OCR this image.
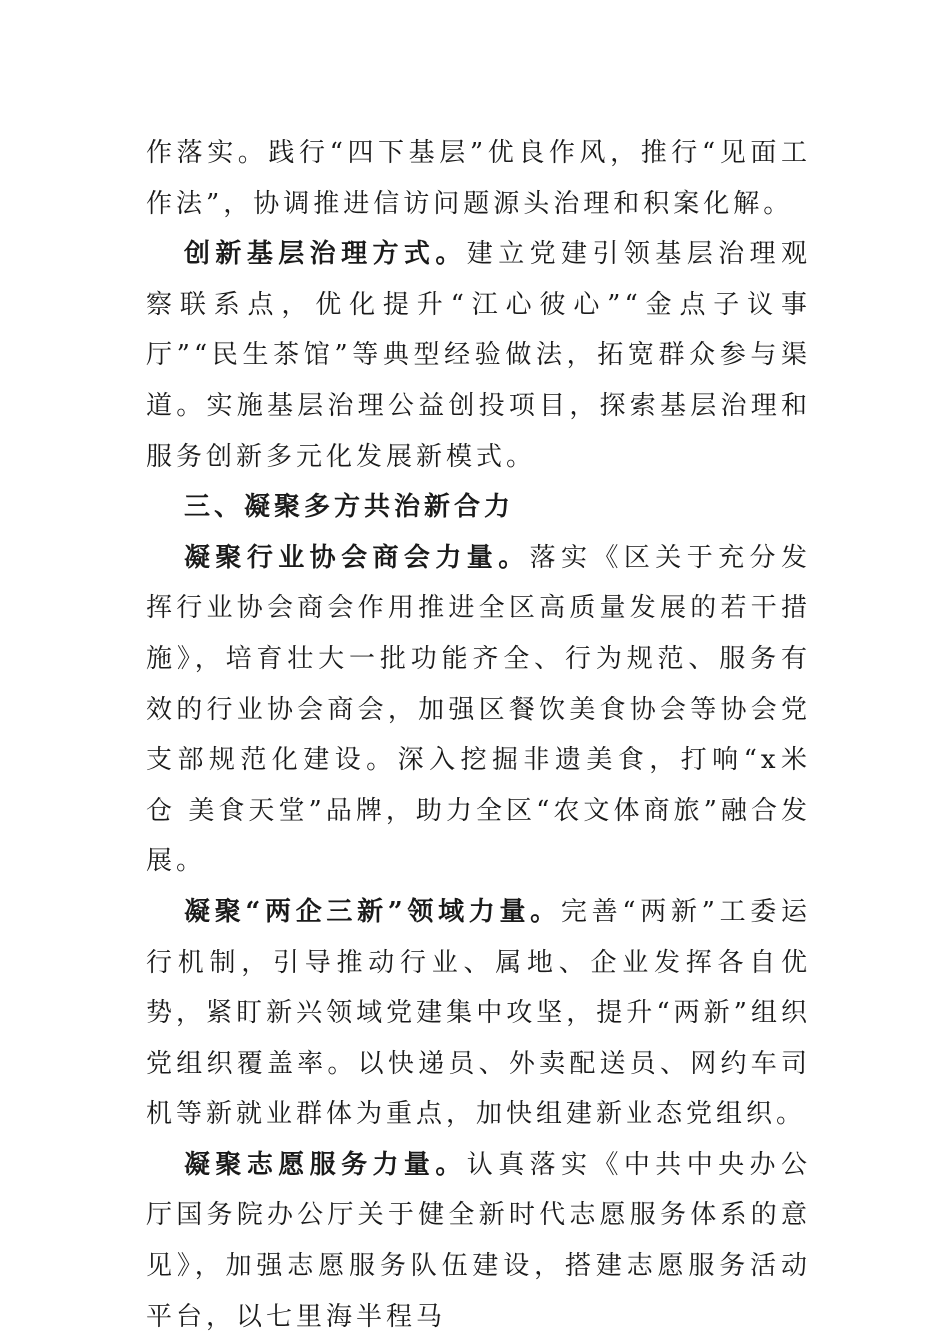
作落实。践行“四下基层”优良作风，推行“见面工作法”，协调推进信访问题源头治理和积案化解。

创新基层治理方式。建立党建引领基层治理观察联系点，优化提升“江心彼心”“金点子议事厅”“民生茶馆”等典型经验做法，拓宽群众参与渠道。实施基层治理公益创投项目，探索基层治理和服务创新多元化发展新模式。

三、凝聚多方共治新合力

凝聚行业协会商会力量。落实《区关于充分发挥行业协会商会作用推进全区高质量发展的若干措施》，培育壮大一批功能齐全、行为规范、服务有效的行业协会商会，加强区餐饮美食协会等协会党支部规范化建设。深入挖掘非遗美食，打响“x米仓 美食天堂”品牌，助力全区“农文体商旅”融合发展。

凝聚“两企三新”领域力量。完善“两新”工委运行机制，引导推动行业、属地、企业发挥各自优势，紧盯新兴领域党建集中攻坚，提升“两新”组织党组织覆盖率。以快递员、外卖配送员、网约车司机等新就业群体为重点，加快组建新业态党组织。

凝聚志愿服务力量。认真落实《中共中央办公厅国务院办公厅关于健全新时代志愿服务体系的意见》，加强志愿服务队伍建设，搭建志愿服务活动平台，以七里海半程马
